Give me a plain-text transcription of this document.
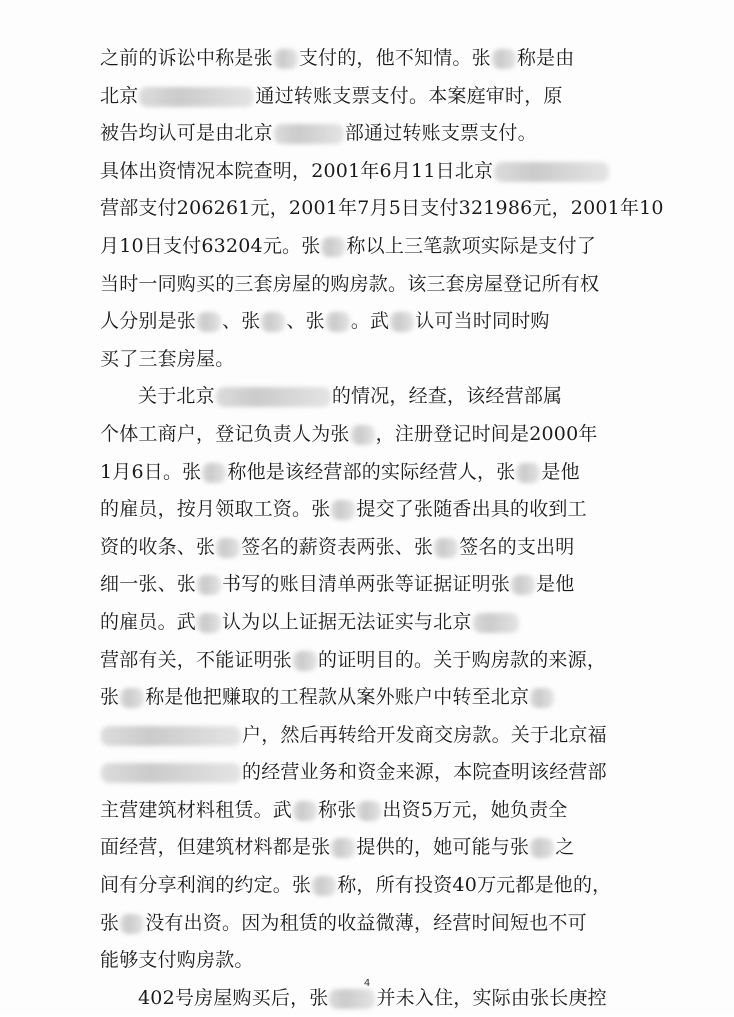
之前的诉讼中称是张 支付的，他不知情。张 称是由
北京	通过转账支票支付。本案庭审时，原
被告均认可是由北京	部通过转账支票支付。
具体出资情况本院查明，2001年6月11日北京
营部支付206261元，2001年7月5日支付321986元，2001年10
月10日支付63204元。张 称以上三笔款项实际是支付了
当时一同购买的三套房屋的购房款。该三套房屋登记所有权
人分别是张 、张 、张 。武 认可当时同时购
买了三套房屋。
关于北京	的情况，经查，该经营部属
个体工商户，登记负责人为张 ，注册登记时间是2000年
1月6日。张 称他是该经营部的实际经营人，张 是他
的雇员，按月领取工资。张 提交了张随香出具的收到工
资的收条、张 签名的薪资表两张、张 签名的支出明
细一张、张 书写的账目清单两张等证据证明张 是他
的雇员。武 认为以上证据无法证实与北京
营部有关，不能证明张 的证明目的。关于购房款的来源，
张 称是他把赚取的工程款从案外账户中转至北京
户，然后再转给开发商交房款。关于北京福
的经营业务和资金来源，本院查明该经营部
主营建筑材料租赁。武 称张 出资5万元，她负责全
面经营，但建筑材料都是张 提供的，她可能与张 之
间有分享利润的约定。张 称，所有投资40万元都是他的，
张 没有出资。因为租赁的收益微薄，经营时间短也不可
能够支付购房款。
402号房屋购买后，张	并未入住，实际由张长庚控
4
